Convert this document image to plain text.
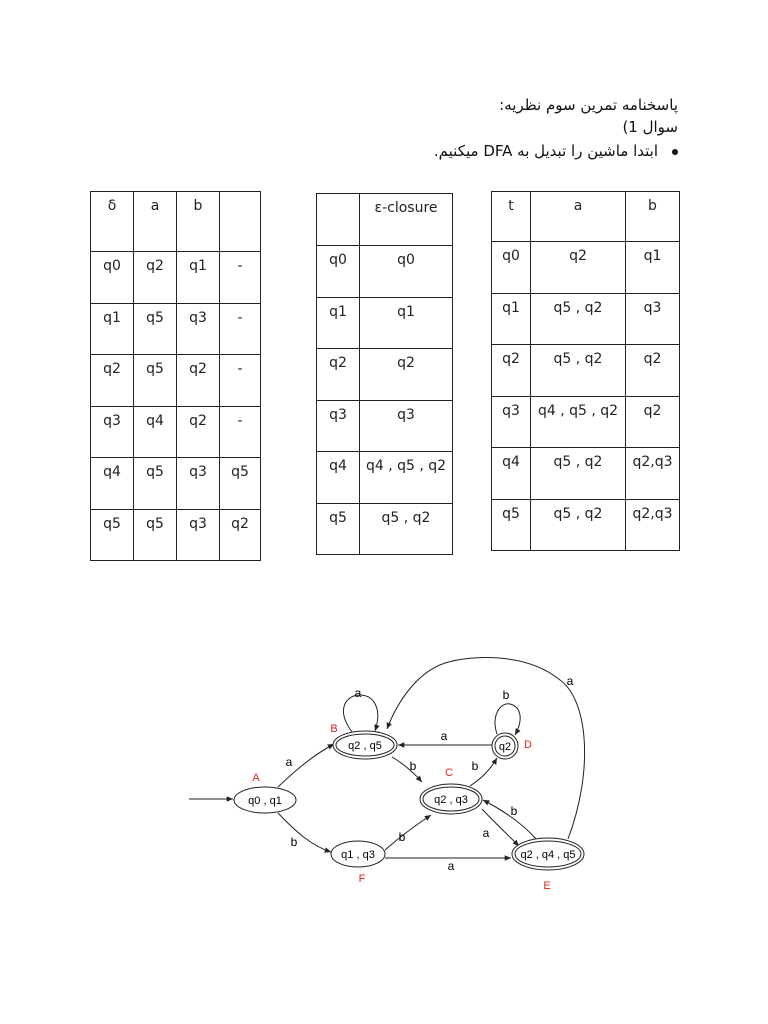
پاسخنامه تمرین سوم نظریه:
سوال 1)
ابتدا ماشین را تبدیل به DFA میکنیم.
δ	a	b	
q0	q2	q1	-
q1	q5	q3	-
q2	q5	q2	-
q3	q4	q2	-
q4	q5	q3	q5
q5	q5	q3	q2
	ε-closure
q0	q0
q1	q1
q2	q2
q3	q3
q4	q4 , q5 , q2
q5	q5 , q2
t	a	b
q0	q2	q1
q1	q5 , q2	q3
q2	q5 , q2	q2
q3	q4 , q5 , q2	q2
q4	q5 , q2	q2,q3
q5	q5 , q2	q2,q3
q0 , q1
A
q2 , q5
B
q2 , q3
C
q2 D
q2 , q4 , q5
E
q1 , q3
F
a
b
a
b
a
b
b
a
b
b
a
a
